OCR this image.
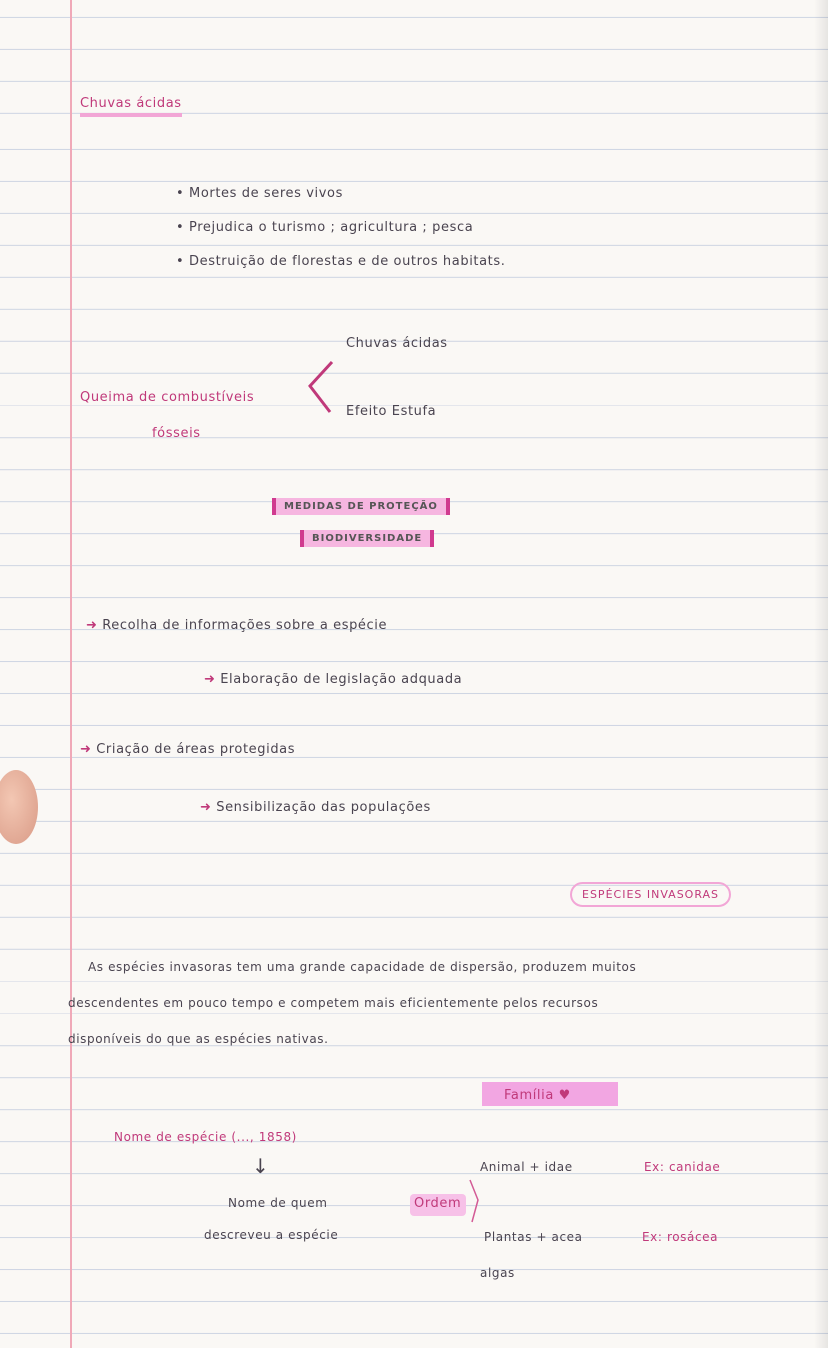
Chuvas ácidas
• Mortes de seres vivos
• Prejudica o turismo ; agricultura ; pesca
• Destruição de florestas e de outros habitats.
Chuvas ácidas
Queima de combustíveis
fósseis
Efeito Estufa
MEDIDAS DE PROTEÇÃO
BIODIVERSIDADE
➜ Recolha de informações sobre a espécie
➜ Elaboração de legislação adquada
➜ Criação de áreas protegidas
➜ Sensibilização das populações
ESPÉCIES INVASORAS
As espécies invasoras tem uma grande capacidade de dispersão, produzem muitos
descendentes em pouco tempo e competem mais eficientemente pelos recursos
disponíveis do que as espécies nativas.
Família ♥
Nome de espécie (..., 1858)
↓
Nome de quem
descreveu a espécie
Ordem
Animal + idae	Ex: canidae
Plantas + acea	Ex: rosácea
algas
